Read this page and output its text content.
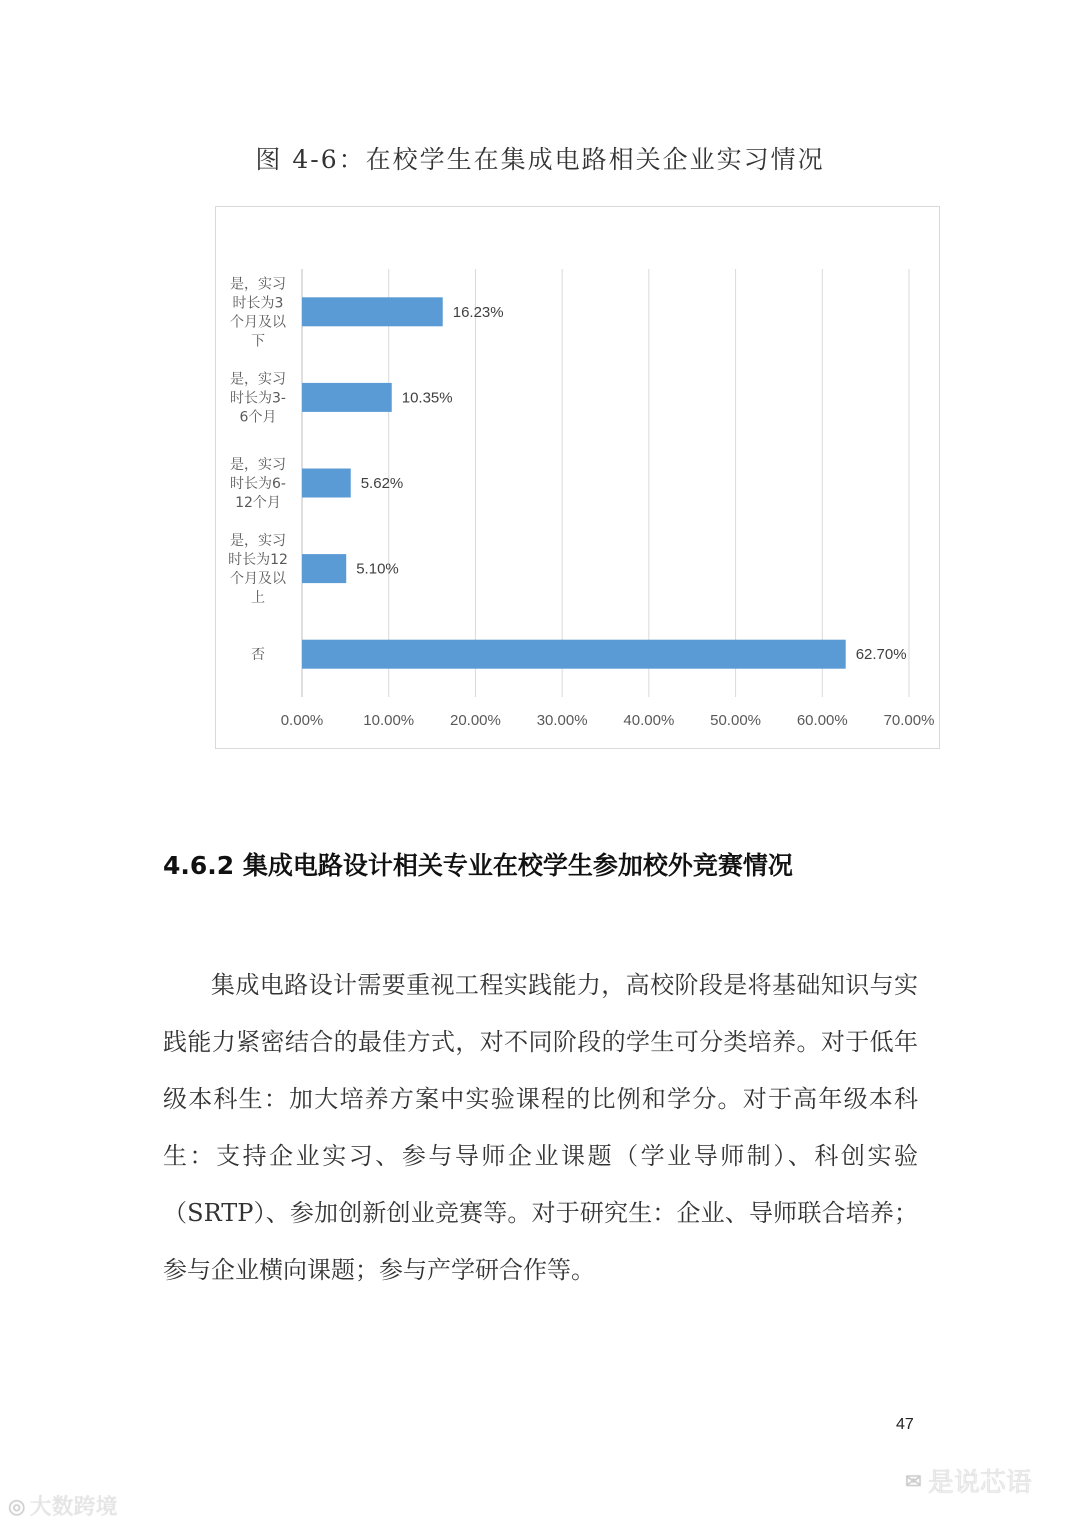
图 4-6：在校学生在集成电路相关企业实习情况
0.00%	10.00% 20.00% 30.00% 40.00% 50.00% 60.00% 70.00%
16.23%
是，实习时长为3 个月及以下
10.35%
是，实习时长为3-6个月
5.62%
是，实习时长为6-12个月
5.10%
是，实习时长为12 个月及以上
62.70%
否
4.6.2 集成电路设计相关专业在校学生参加校外竞赛情况

集成电路设计需要重视工程实践能力，高校阶段是将基础知识与实践能力紧密结合的最佳方式，对不同阶段的学生可分类培养。对于低年级本科生：加大培养方案中实验课程的比例和学分。对于高年级本科生：支持企业实习、参与导师企业课题（学业导师制）、科创实验（SRTP）、参加创新创业竞赛等。对于研究生：企业、导师联合培养；参与企业横向课题；参与产学研合作等。

47
◎ 大数跨境
✉ 是说芯语
